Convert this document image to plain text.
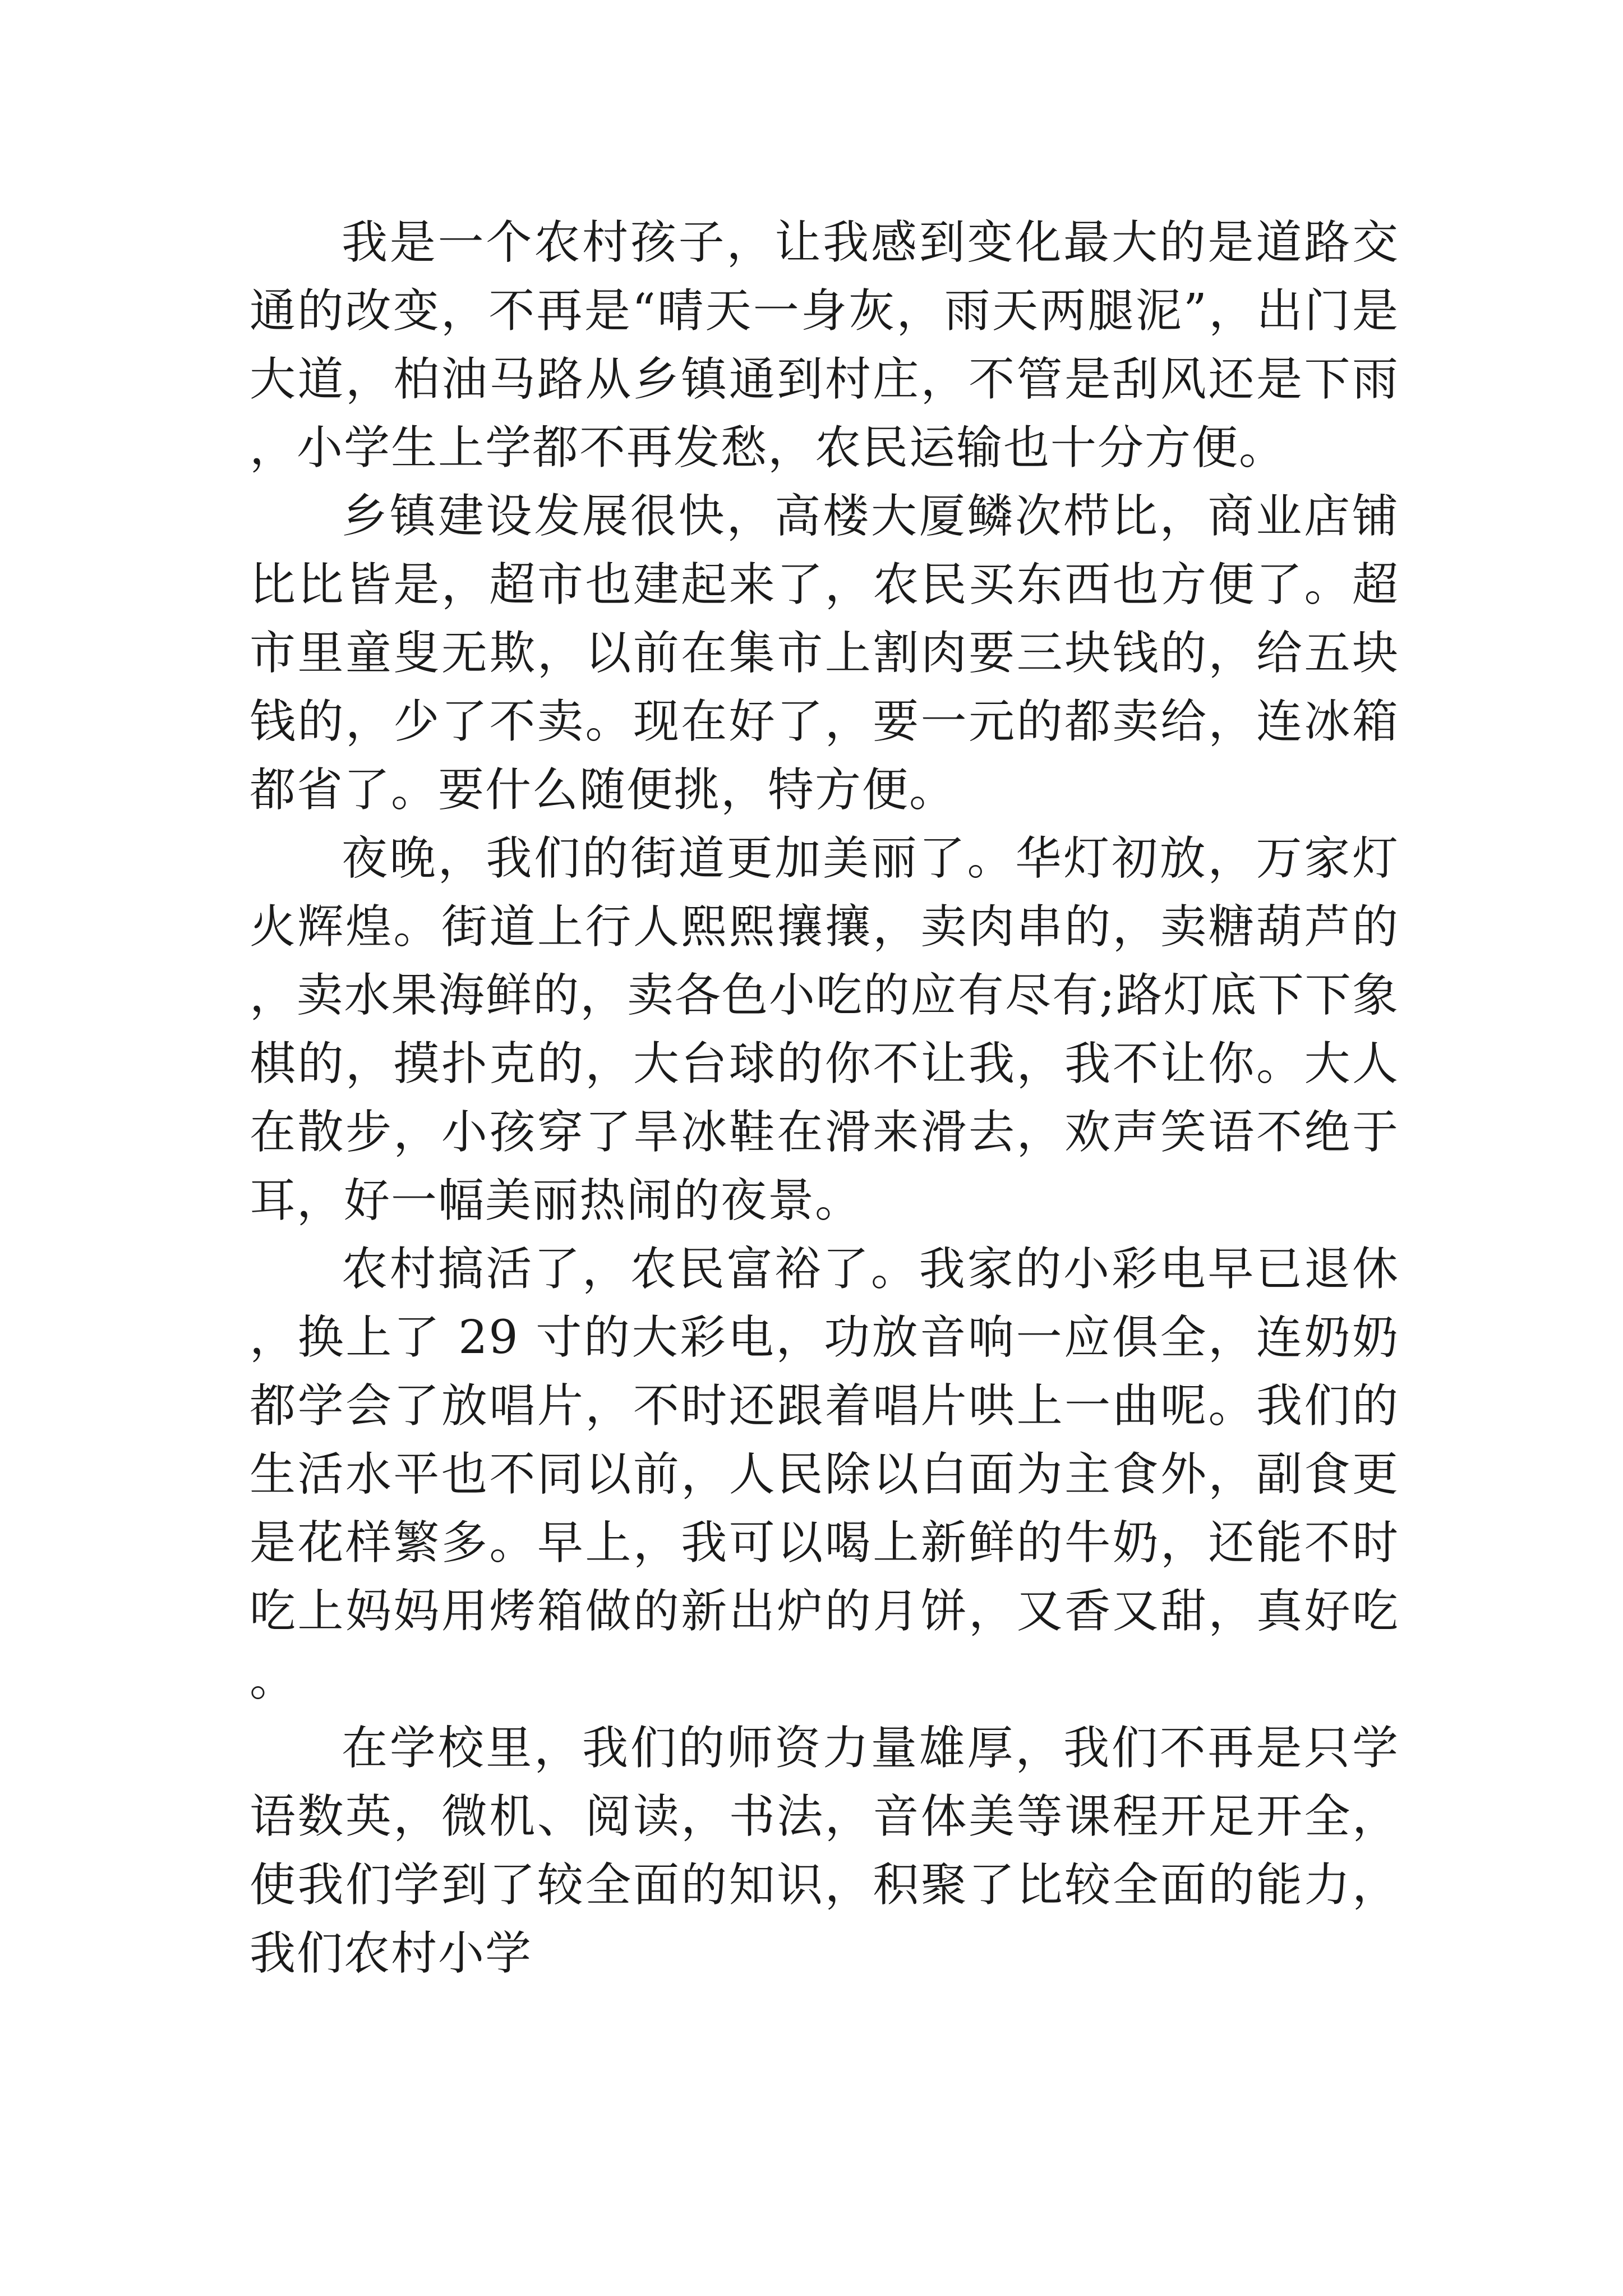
我是一个农村孩子，让我感到变化最大的是道路交通的改变，不再是“晴天一身灰，雨天两腿泥”，出门是大道，柏油马路从乡镇通到村庄，不管是刮风还是下雨，小学生上学都不再发愁，农民运输也十分方便。

乡镇建设发展很快，高楼大厦鳞次栉比，商业店铺比比皆是，超市也建起来了，农民买东西也方便了。超市里童叟无欺，以前在集市上割肉要三块钱的，给五块钱的，少了不卖。现在好了，要一元的都卖给，连冰箱都省了。要什么随便挑，特方便。

夜晚，我们的街道更加美丽了。华灯初放，万家灯火辉煌。街道上行人熙熙攘攘，卖肉串的，卖糖葫芦的，卖水果海鲜的，卖各色小吃的应有尽有;路灯底下下象棋的，摸扑克的，大台球的你不让我，我不让你。大人在散步，小孩穿了旱冰鞋在滑来滑去，欢声笑语不绝于耳，好一幅美丽热闹的夜景。

农村搞活了，农民富裕了。我家的小彩电早已退休，换上了 29 寸的大彩电，功放音响一应俱全，连奶奶都学会了放唱片，不时还跟着唱片哄上一曲呢。我们的生活水平也不同以前，人民除以白面为主食外，副食更是花样繁多。早上，我可以喝上新鲜的牛奶，还能不时吃上妈妈用烤箱做的新出炉的月饼，又香又甜，真好吃。

在学校里，我们的师资力量雄厚，我们不再是只学语数英，微机、阅读，书法，音体美等课程开足开全，使我们学到了较全面的知识，积聚了比较全面的能力，我们农村小学
